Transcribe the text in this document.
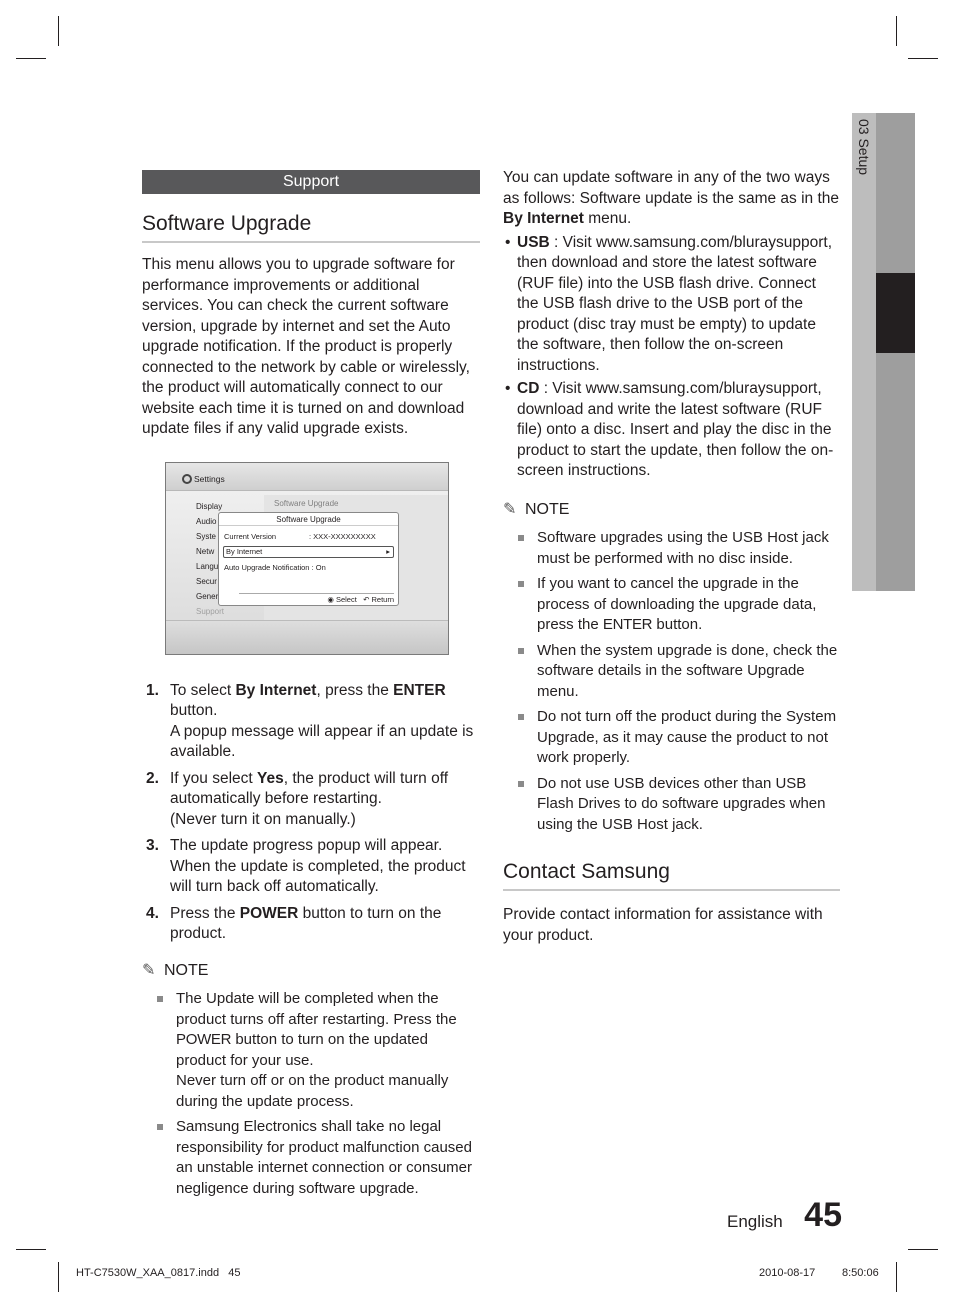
03 Setup
Support
Software Upgrade

This menu allows you to upgrade software for performance improvements or additional services. You can check the current software version, upgrade by internet and set the Auto upgrade notification. If the product is properly connected to the network by cable or wirelessly, the product will automatically connect to our website each time it is turned on and download update files if any valid upgrade exists.

Settings
Software Upgrade
Display
Audio
Syste
Netw
Langu
Secur
Gener
Support
Software Upgrade
Current Version	: XXX-XXXXXXXXX
By Internet	▸
Auto Upgrade Notification : On
◉ Select ↶ Return
1. To select By Internet, press the ENTER button.
A popup message will appear if an update is available.
2. If you select Yes, the product will turn off automatically before restarting.
(Never turn it on manually.)
3. The update progress popup will appear. When the update is completed, the product will turn back off automatically.
4. Press the POWER button to turn on the product.
✎ NOTE
The Update will be completed when the product turns off after restarting. Press the POWER button to turn on the updated product for your use.
Never turn off or on the product manually during the update process.
Samsung Electronics shall take no legal responsibility for product malfunction caused an unstable internet connection or consumer negligence during software upgrade.
You can update software in any of the two ways as follows: Software update is the same as in the By Internet menu.
• USB : Visit www.samsung.com/bluraysupport, then download and store the latest software (RUF file) into the USB flash drive. Connect the USB flash drive to the USB port of the product (disc tray must be empty) to update the software, then follow the on-screen instructions.
• CD : Visit www.samsung.com/bluraysupport, download and write the latest software (RUF file) onto a disc. Insert and play the disc in the product to start the update, then follow the on-screen instructions.
✎ NOTE
Software upgrades using the USB Host jack must be performed with no disc inside.
If you want to cancel the upgrade in the process of downloading the upgrade data, press the ENTER button.
When the system upgrade is done, check the software details in the software Upgrade menu.
Do not turn off the product during the System Upgrade, as it may cause the product to not work properly.
Do not use USB devices other than USB Flash Drives to do software upgrades when using the USB Host jack.
Contact Samsung

Provide contact information for assistance with your product.

English 45
HT-C7530W_XAA_0817.indd   45	2010-08-17 8:50:06
